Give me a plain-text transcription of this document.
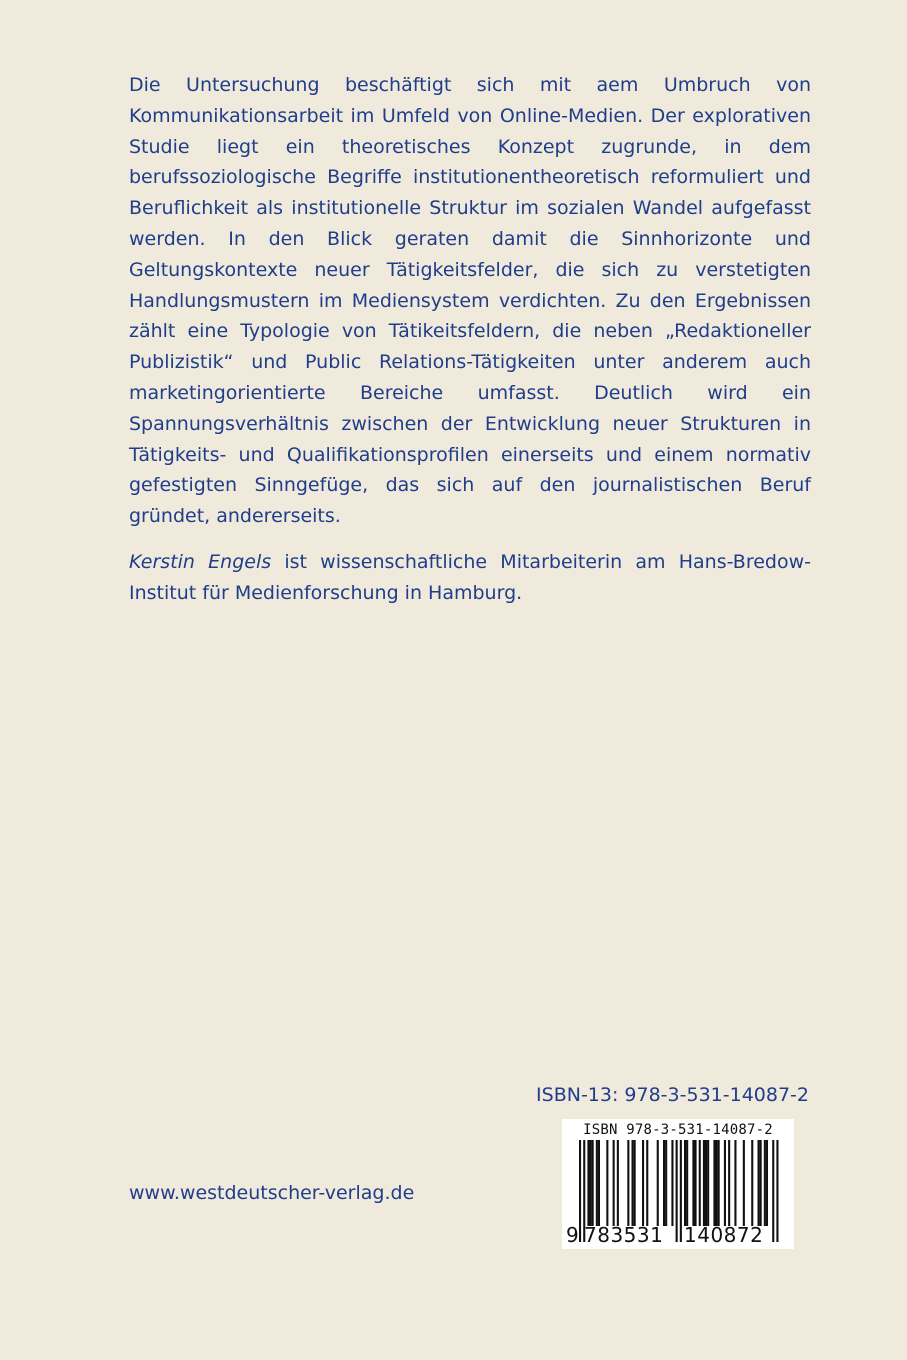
Die Untersuchung beschäftigt sich mit aem Umbruch von Kommunikationsarbeit im Umfeld von Online-Medien. Der explorativen Studie liegt ein theoretisches Konzept zugrunde, in dem berufssoziologische Begriffe institutionentheoretisch reformuliert und Beruflichkeit als institutionelle Struktur im sozialen Wandel aufgefasst werden. In den Blick geraten damit die Sinnhorizonte und Geltungskontexte neuer Tätigkeitsfelder, die sich zu verstetigten Handlungsmustern im Mediensystem verdichten. Zu den Ergebnissen zählt eine Typologie von Tätikeitsfeldern, die neben „Redaktioneller Publizistik“ und Public Relations-Tätigkeiten unter anderem auch marketingorientierte Bereiche umfasst. Deutlich wird ein Spannungsverhältnis zwischen der Entwicklung neuer Strukturen in Tätigkeits- und Qualifikationsprofilen einerseits und einem normativ gefestigten Sinngefüge, das sich auf den journalistischen Beruf gründet, andererseits.

Kerstin Engels ist wissenschaftliche Mitarbeiterin am Hans-Bredow-Institut für Medienforschung in Hamburg.

ISBN-13: 978-3-531-14087-2
www.westdeutscher-verlag.de
ISBN 978-3-531-14087-2
9 783531 140872
